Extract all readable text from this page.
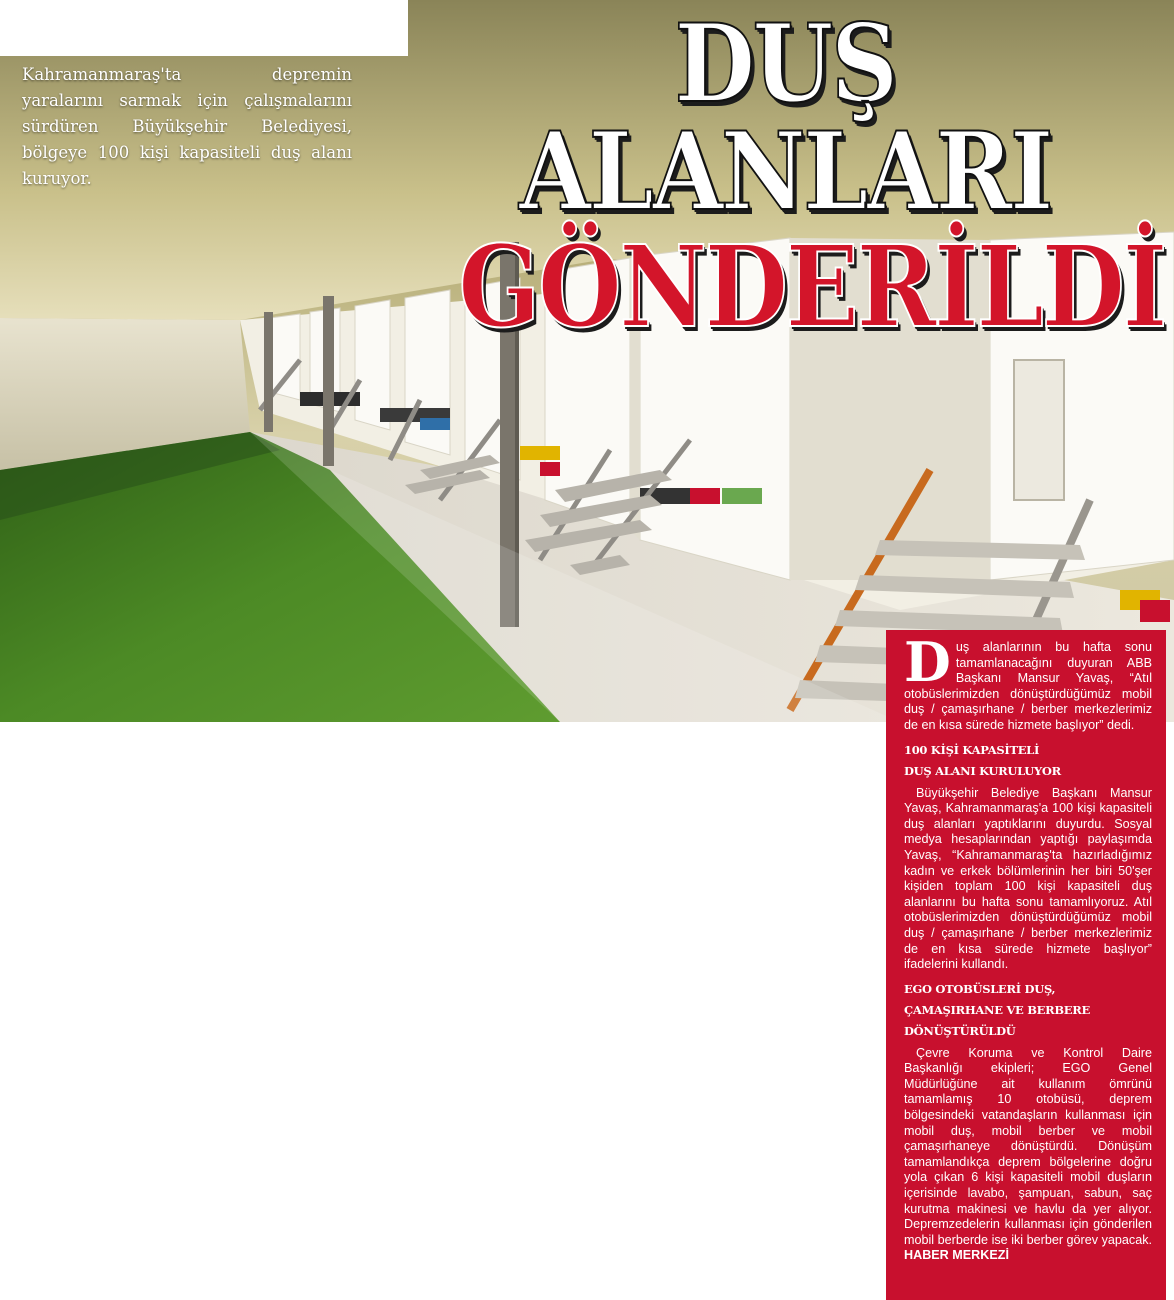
Kahramanmaraş'ta depremin yaralarını sarmak için çalışmalarını sürdüren Büyükşehir Belediyesi, bölgeye 100 kişi kapasiteli duş alanı kuruyor.
DUŞ ALANLARI
GÖNDERİLDİ

Duş alanlarının bu hafta sonu tamamlanacağını duyuran ABB Başkanı Mansur Yavaş, “Atıl otobüslerimizden dönüştürdüğümüz mobil duş / çamaşırhane / berber merkezlerimiz de en kısa sürede hizmete başlıyor” dedi.

100 KİŞİ KAPASİTELİ
DUŞ ALANI KURULUYOR

Büyükşehir Belediye Başkanı Mansur Yavaş, Kahramanmaraş'a 100 kişi kapasiteli duş alanları yaptıklarını duyurdu. Sosyal medya hesaplarından yaptığı paylaşımda Yavaş, “Kahramanmaraş'ta hazırladığımız kadın ve erkek bölümlerinin her biri 50'şer kişiden toplam 100 kişi kapasiteli duş alanlarını bu hafta sonu tamamlıyoruz. Atıl otobüslerimizden dönüştürdüğümüz mobil duş / çamaşırhane / berber merkezlerimiz de en kısa sürede hizmete başlıyor” ifadelerini kullandı.

EGO OTOBÜSLERİ DUŞ,
ÇAMAŞIRHANE VE BERBERE
DÖNÜŞTÜRÜLDÜ

Çevre Koruma ve Kontrol Daire Başkanlığı ekipleri; EGO Genel Müdürlüğüne ait kullanım ömrünü tamamlamış 10 otobüsü, deprem bölgesindeki vatandaşların kullanması için mobil duş, mobil berber ve mobil çamaşırhaneye dönüştürdü. Dönüşüm tamamlandıkça deprem bölgelerine doğru yola çıkan 6 kişi kapasiteli mobil duşların içerisinde lavabo, şampuan, sabun, saç kurutma makinesi ve havlu da yer alıyor. Depremzedelerin kullanması için gönderilen mobil berberde ise iki berber görev yapacak. HABER MERKEZİ
